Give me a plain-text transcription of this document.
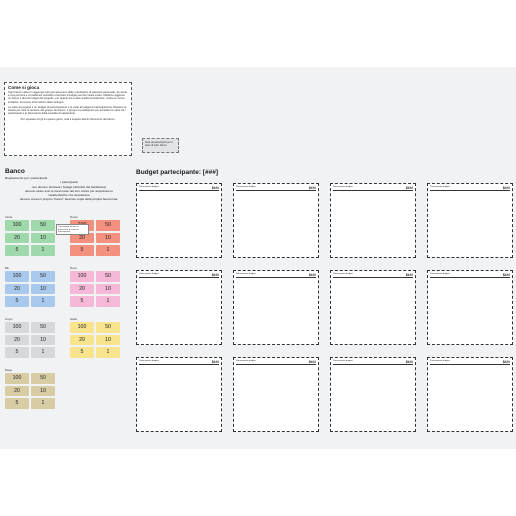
Come si gioca

Ogni banco valore in aggiunge tutto più assumere delle mandazioni di ciascuna personale. Se avete a una persona e considerare potrebbe e lanciare il budget perché creare a fare. Abbiamo aggiunto un banco e diversi budget del progetto, per quanto più a dare quella ed elaborare, creare le nuove iniziative, da tenere informazioni dello sviluppo.

Le carte al progetto e un budget di partecipazione e le carte al budget di partecipazione. Ripetere la stessa per tutte le persone del gruppo del banco. Il gruppo è predisposto per accedere le carte fra i partecipanti e le discussioni della squadra di valutazione.

Per spostare ed gli su questo gioco, vedi a sequire dati di riferimento del banco.

Nota di partecipanti per il team di tutti i banco
Banco
Regolamento per i partecipanti
I partecipanti
non devono sbirciare i budget (distintivi del facilitatore)
devono usare solo le banconote del loro colore per acquistare le
caratteristiche che desiderano
devono creare il proprio "banco" facendo copia della propria banconota.
Verde
100
20
5
50
10
1
Rosso
20
5
50
10
1
Blu
100
20
5
50
10
1
Rosa
100
20
5
50
10
1
Grigio
100
20
5
50
10
1
Giallo
100
20
5
50
10
1
Beige
100
20
5
50
10
1
Conservate qui per le banconote di ciascun partecipante
Budget partecipante: [###]
Partecipante budget	$###	Partecipante budget	$###	Partecipante budget	$###	Partecipante budget	$###
Partecipante budget	$###	Partecipante budget	$###	Partecipante budget	$###	Partecipante budget	$###
Partecipante budget	$###	Partecipante budget	$###	Partecipante budget	$###	Partecipante budget	$###
